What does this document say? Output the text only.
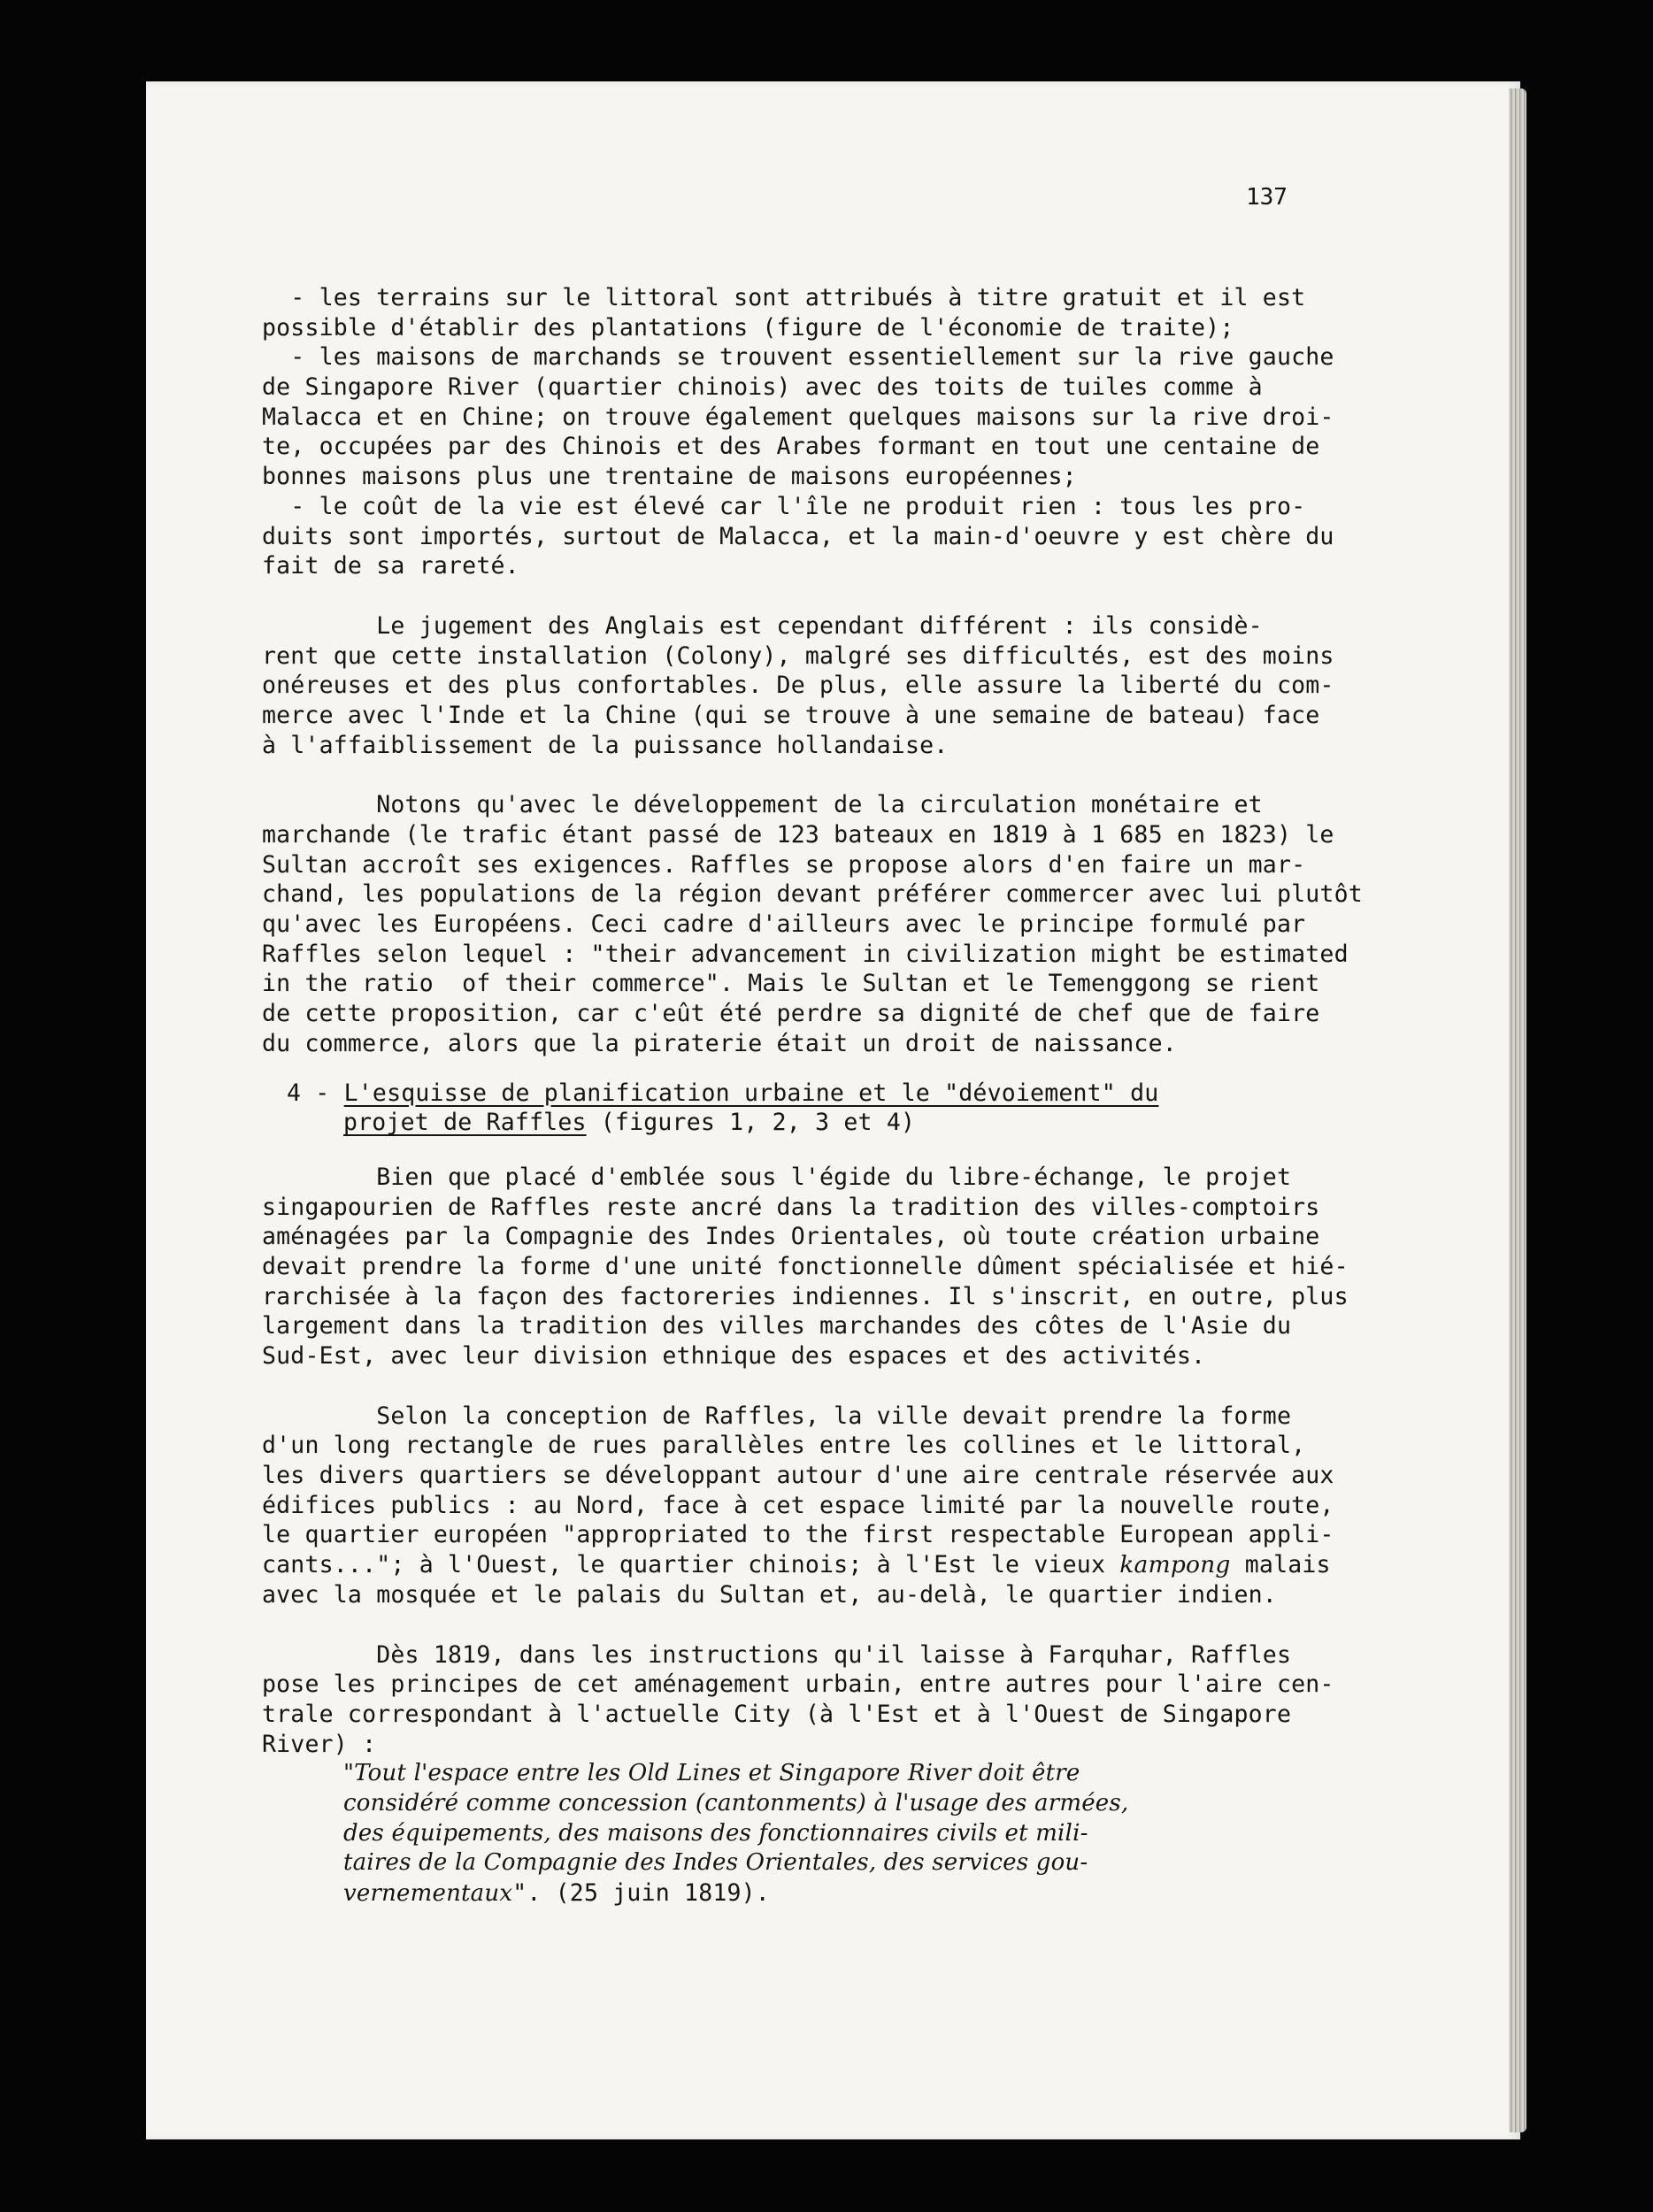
137
- les terrains sur le littoral sont attribués à titre gratuit et il est
possible d'établir des plantations (figure de l'économie de traite);
- les maisons de marchands se trouvent essentiellement sur la rive gauche
de Singapore River (quartier chinois) avec des toits de tuiles comme à
Malacca et en Chine; on trouve également quelques maisons sur la rive droi-
te, occupées par des Chinois et des Arabes formant en tout une centaine de
bonnes maisons plus une trentaine de maisons européennes;
- le coût de la vie est élevé car l'île ne produit rien : tous les pro-
duits sont importés, surtout de Malacca, et la main-d'oeuvre y est chère du
fait de sa rareté.
Le jugement des Anglais est cependant différent : ils considè-
rent que cette installation (Colony), malgré ses difficultés, est des moins
onéreuses et des plus confortables. De plus, elle assure la liberté du com-
merce avec l'Inde et la Chine (qui se trouve à une semaine de bateau) face
à l'affaiblissement de la puissance hollandaise.
Notons qu'avec le développement de la circulation monétaire et
marchande (le trafic étant passé de 123 bateaux en 1819 à 1 685 en 1823) le
Sultan accroît ses exigences. Raffles se propose alors d'en faire un mar-
chand, les populations de la région devant préférer commercer avec lui plutôt
qu'avec les Européens. Ceci cadre d'ailleurs avec le principe formulé par
Raffles selon lequel : "their advancement in civilization might be estimated
in the ratio  of their commerce". Mais le Sultan et le Temenggong se rient
de cette proposition, car c'eût été perdre sa dignité de chef que de faire
du commerce, alors que la piraterie était un droit de naissance.
4 - L'esquisse de planification urbaine et le "dévoiement" du
projet de Raffles (figures 1, 2, 3 et 4)
Bien que placé d'emblée sous l'égide du libre-échange, le projet
singapourien de Raffles reste ancré dans la tradition des villes-comptoirs
aménagées par la Compagnie des Indes Orientales, où toute création urbaine
devait prendre la forme d'une unité fonctionnelle dûment spécialisée et hié-
rarchisée à la façon des factoreries indiennes. Il s'inscrit, en outre, plus
largement dans la tradition des villes marchandes des côtes de l'Asie du
Sud-Est, avec leur division ethnique des espaces et des activités.
Selon la conception de Raffles, la ville devait prendre la forme
d'un long rectangle de rues parallèles entre les collines et le littoral,
les divers quartiers se développant autour d'une aire centrale réservée aux
édifices publics : au Nord, face à cet espace limité par la nouvelle route,
le quartier européen "appropriated to the first respectable European appli-
cants..."; à l'Ouest, le quartier chinois; à l'Est le vieux kampong malais
avec la mosquée et le palais du Sultan et, au-delà, le quartier indien.
Dès 1819, dans les instructions qu'il laisse à Farquhar, Raffles
pose les principes de cet aménagement urbain, entre autres pour l'aire cen-
trale correspondant à l'actuelle City (à l'Est et à l'Ouest de Singapore
River) :
"Tout l'espace entre les Old Lines et Singapore River doit être
considéré comme concession (cantonments) à l'usage des armées,
des équipements, des maisons des fonctionnaires civils et mili-
taires de la Compagnie des Indes Orientales, des services gou-
vernementaux". (25 juin 1819).
